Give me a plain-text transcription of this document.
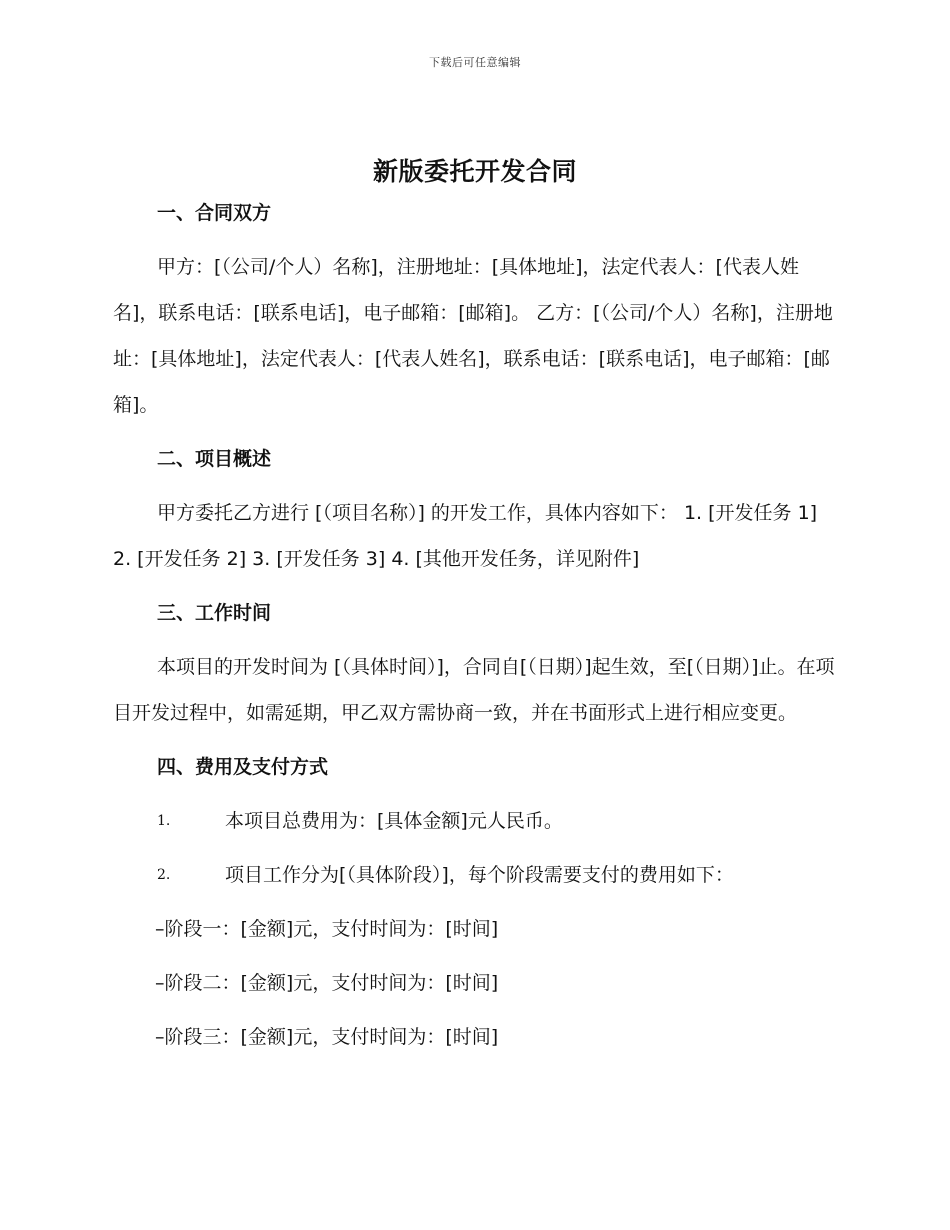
下载后可任意编辑
新版委托开发合同
一、合同双方

甲方：[（公司/个人）名称]，注册地址：[具体地址]，法定代表人：[代表人姓名]，联系电话：[联系电话]，电子邮箱：[邮箱]。 乙方：[（公司/个人）名称]，注册地址：[具体地址]，法定代表人：[代表人姓名]，联系电话：[联系电话]，电子邮箱：[邮箱]。

二、项目概述

甲方委托乙方进行 [（项目名称）] 的开发工作，具体内容如下： 1. [开发任务 1] 2. [开发任务 2] 3. [开发任务 3] 4. [其他开发任务，详见附件]

三、工作时间

本项目的开发时间为 [（具体时间）]，合同自[（日期）]起生效，至[（日期）]止。在项目开发过程中，如需延期，甲乙双方需协商一致，并在书面形式上进行相应变更。

四、费用及支付方式
1.	本项目总费用为：[具体金额]元人民币。
2.	项目工作分为[（具体阶段）]，每个阶段需要支付的费用如下：
–阶段一：[金额]元，支付时间为：[时间]
–阶段二：[金额]元，支付时间为：[时间]
–阶段三：[金额]元，支付时间为：[时间]
